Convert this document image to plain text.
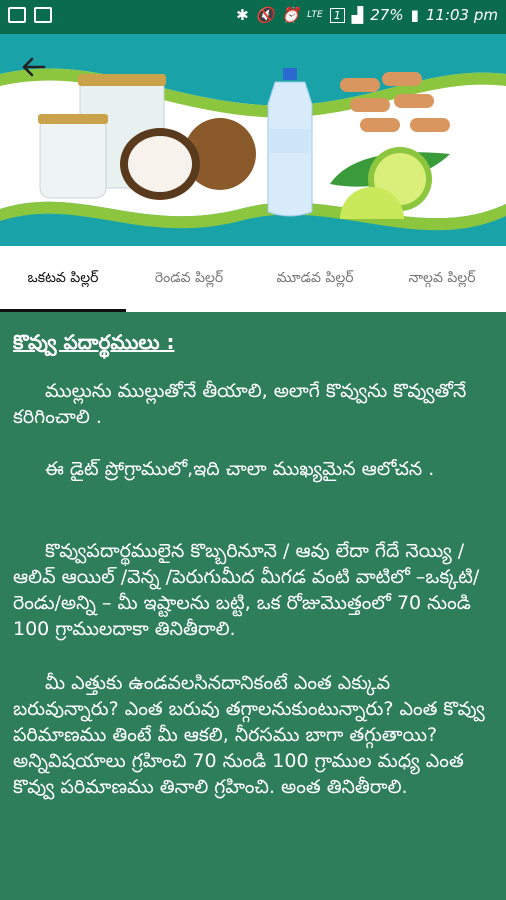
✱ 🔇 ⏰ LTE	1 ▟ 27% ▮ 11:03 pm
ఒకటవ పిల్లర్	రెండవ పిల్లర్	మూడవ పిల్లర్	నాల్గవ పిల్లర్
కొవ్వు పదార్థములు :
ముల్లును ముల్లుతోనే తీయాలి, అలాగే కొవ్వును కొవ్వుతోనే కరిగించాలి .
ఈ డైట్ ప్రోగ్రాములో,ఇది చాలా ముఖ్యమైన ఆలోచన .
కొవ్వుపదార్థములైన కొబ్బరినూనె / ఆవు లేదా గేదే నెయ్యి /ఆలివ్ ఆయిల్ /వెన్న /పెరుగుమీద మీగడ వంటి వాటిలో –ఒక్కటి/రెండు/అన్ని – మీ ఇష్టాలను బట్టి, ఒక రోజుమొత్తంలో 70 నుండి 100 గ్రాములదాకా తినితీరాలి.
మీ ఎత్తుకు ఉండవలసినదానికంటే ఎంత ఎక్కువ బరువున్నారు? ఎంత బరువు తగ్గాలనుకుంటున్నారు? ఎంత కొవ్వు పరిమాణము తింటే మీ ఆకలి, నీరసము బాగా తగ్గుతాయి? అన్నివిషయాలు గ్రహించి 70 నుండి 100 గ్రాముల మధ్య ఎంత కొవ్వు పరిమాణము తినాలి గ్రహించి. అంత తినితీరాలి.
